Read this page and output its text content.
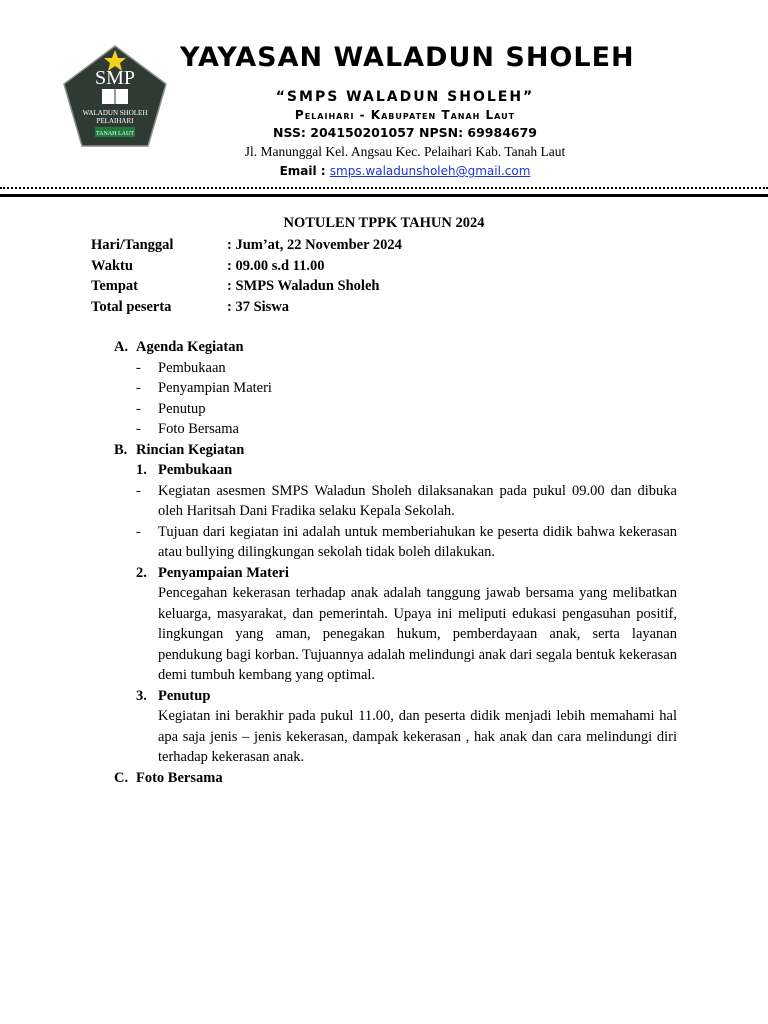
SMP
WALADUN SHOLEH
PELAIHARI
TANAH LAUT
YAYASAN WALADUN SHOLEH
“SMPS WALADUN SHOLEH”
Pelaihari - Kabupaten Tanah Laut
NSS: 204150201057 NPSN: 69984679
Jl. Manunggal Kel. Angsau Kec. Pelaihari Kab. Tanah Laut
Email : smps.waladunsholeh@gmail.com
NOTULEN TPPK TAHUN 2024
Hari/Tanggal	: Jum’at, 22 November 2024
Waktu	: 09.00 s.d 11.00
Tempat	: SMPS Waladun Sholeh
Total peserta	: 37 Siswa
A. Agenda Kegiatan
- Pembukaan
- Penyampian Materi
- Penutup
- Foto Bersama
B. Rincian Kegiatan
1. Pembukaan
- Kegiatan asesmen SMPS Waladun Sholeh dilaksanakan pada pukul 09.00 dan dibuka oleh Haritsah Dani Fradika selaku Kepala Sekolah.
- Tujuan dari kegiatan ini adalah untuk memberiahukan ke peserta didik bahwa kekerasan atau bullying dilingkungan sekolah tidak boleh dilakukan.
2. Penyampaian Materi
Pencegahan kekerasan terhadap anak adalah tanggung jawab bersama yang melibatkan keluarga, masyarakat, dan pemerintah. Upaya ini meliputi edukasi pengasuhan positif, lingkungan yang aman, penegakan hukum, pemberdayaan anak, serta layanan pendukung bagi korban. Tujuannya adalah melindungi anak dari segala bentuk kekerasan demi tumbuh kembang yang optimal.
3. Penutup
Kegiatan ini berakhir pada pukul 11.00, dan peserta didik menjadi lebih memahami hal apa saja jenis – jenis kekerasan, dampak kekerasan , hak anak dan cara melindungi diri terhadap kekerasan anak.
C. Foto Bersama
